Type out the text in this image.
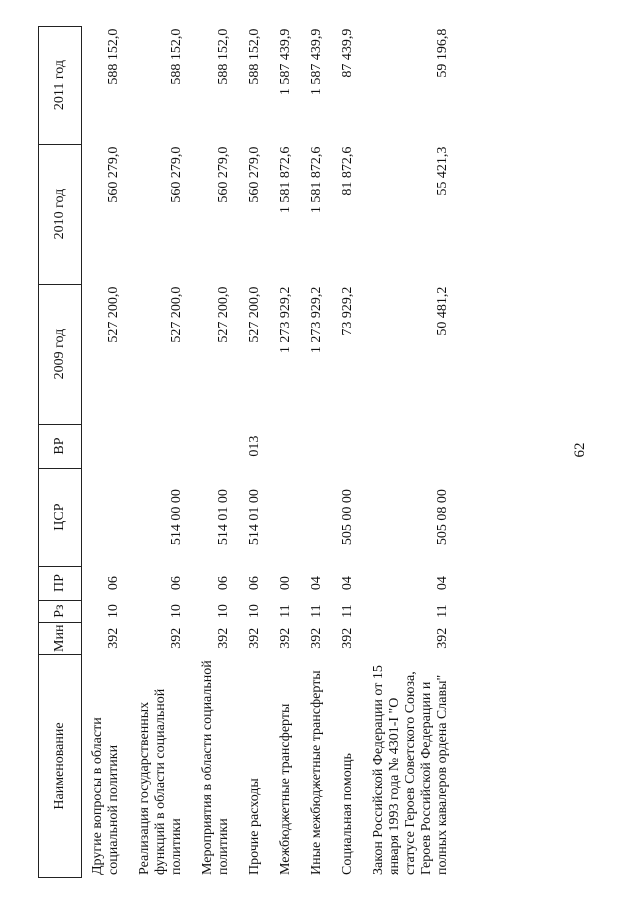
62
Наименование	Мин	Рз	ПР	ЦСР	ВР	2009 год	2010 год	2011 год
Другие вопросы в области социальной политики	392	10	06			527 200,0	560 279,0	588 152,0
Реализация государственных функций в области социальной политики	392	10	06	514 00 00		527 200,0	560 279,0	588 152,0
Мероприятия в области социальной политики	392	10	06	514 01 00		527 200,0	560 279,0	588 152,0
Прочие расходы	392	10	06	514 01 00	013	527 200,0	560 279,0	588 152,0
Межбюджетные трансферты	392	11	00			1 273 929,2	1 581 872,6	1 587 439,9
Иные межбюджетные трансферты	392	11	04			1 273 929,2	1 581 872,6	1 587 439,9
Социальная помощь	392	11	04	505 00 00		73 929,2	81 872,6	87 439,9
Закон Российской Федерации от 15 января 1993 года № 4301-I "О статусе Героев Советского Союза, Героев Российской Федерации и полных кавалеров ордена Славы"	392	11	04	505 08 00		50 481,2	55 421,3	59 196,8
